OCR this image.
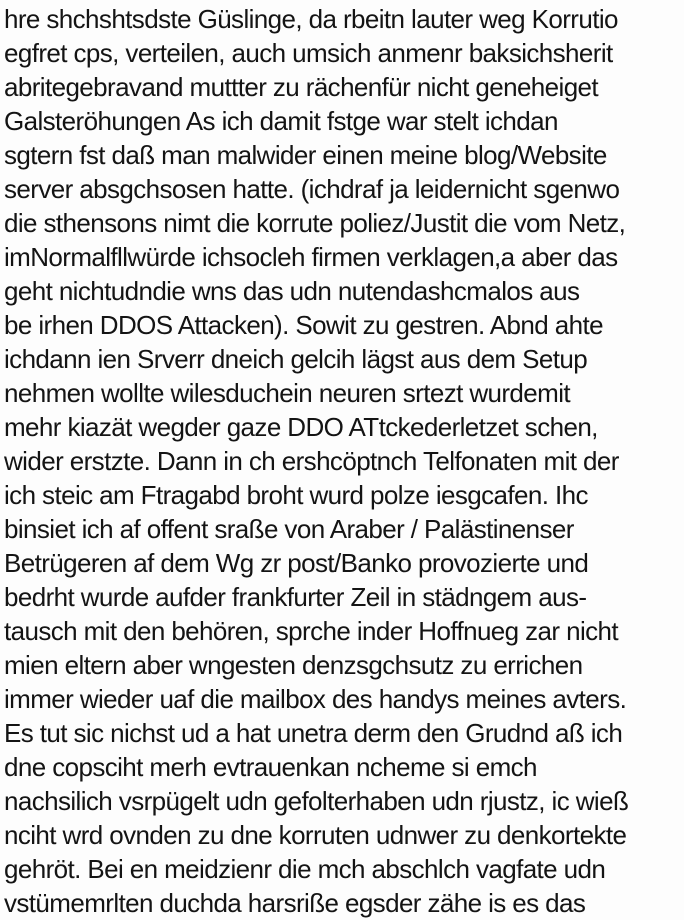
hre shchshtsdste Güslinge, da rbeitn lauter weg Korrutio
egfret cps, verteilen, auch umsich anmenr baksichsherit
abritegebravand muttter zu rächenfür nicht geneheiget
Galsteröhungen As ich damit fstge war stelt ichdan
sgtern fst daß man malwider einen meine blog/Website
server absgchsosen hatte. (ichdraf ja leidernicht sgenwo
die sthensons nimt die korrute poliez/Justit die vom Netz,
imNormalfllwürde ichsocleh firmen verklagen,a aber das
geht nichtudndie wns das udn nutendashcmalos aus
be irhen DDOS Attacken). Sowit zu gestren. Abnd ahte
ichdann ien Srverr dneich gelcih lägst aus dem Setup
nehmen wollte wilesduchein neuren srtezt wurdemit
mehr kiazät wegder gaze DDO ATtckederletzet schen,
wider erstzte. Dann in ch ershcöptnch Telfonaten mit der
ich steic am Ftragabd broht wurd polze iesgcafen. Ihc
binsiet ich af offent sraße von Araber / Palästinenser
Betrügeren af dem Wg zr post/Banko provozierte und
bedrht wurde aufder frankfurter Zeil in städngem aus-
tausch mit den behören, sprche inder Hoffnueg zar nicht
mien eltern aber wngesten denzsgchsutz zu errichen
immer wieder uaf die mailbox des handys meines avters.
Es tut sic nichst ud a hat unetra derm den Grudnd aß ich
dne copsciht merh evtrauenkan ncheme si emch
nachsilich vsrpügelt udn gefolterhaben udn rjustz, ic wieß
nciht wrd ovnden zu dne korruten udnwer zu denkortekte
gehröt. Bei en meidzienr die mch abschlch vagfate udn
vstümemrlten duchda harsriße egsder zähe is es das
